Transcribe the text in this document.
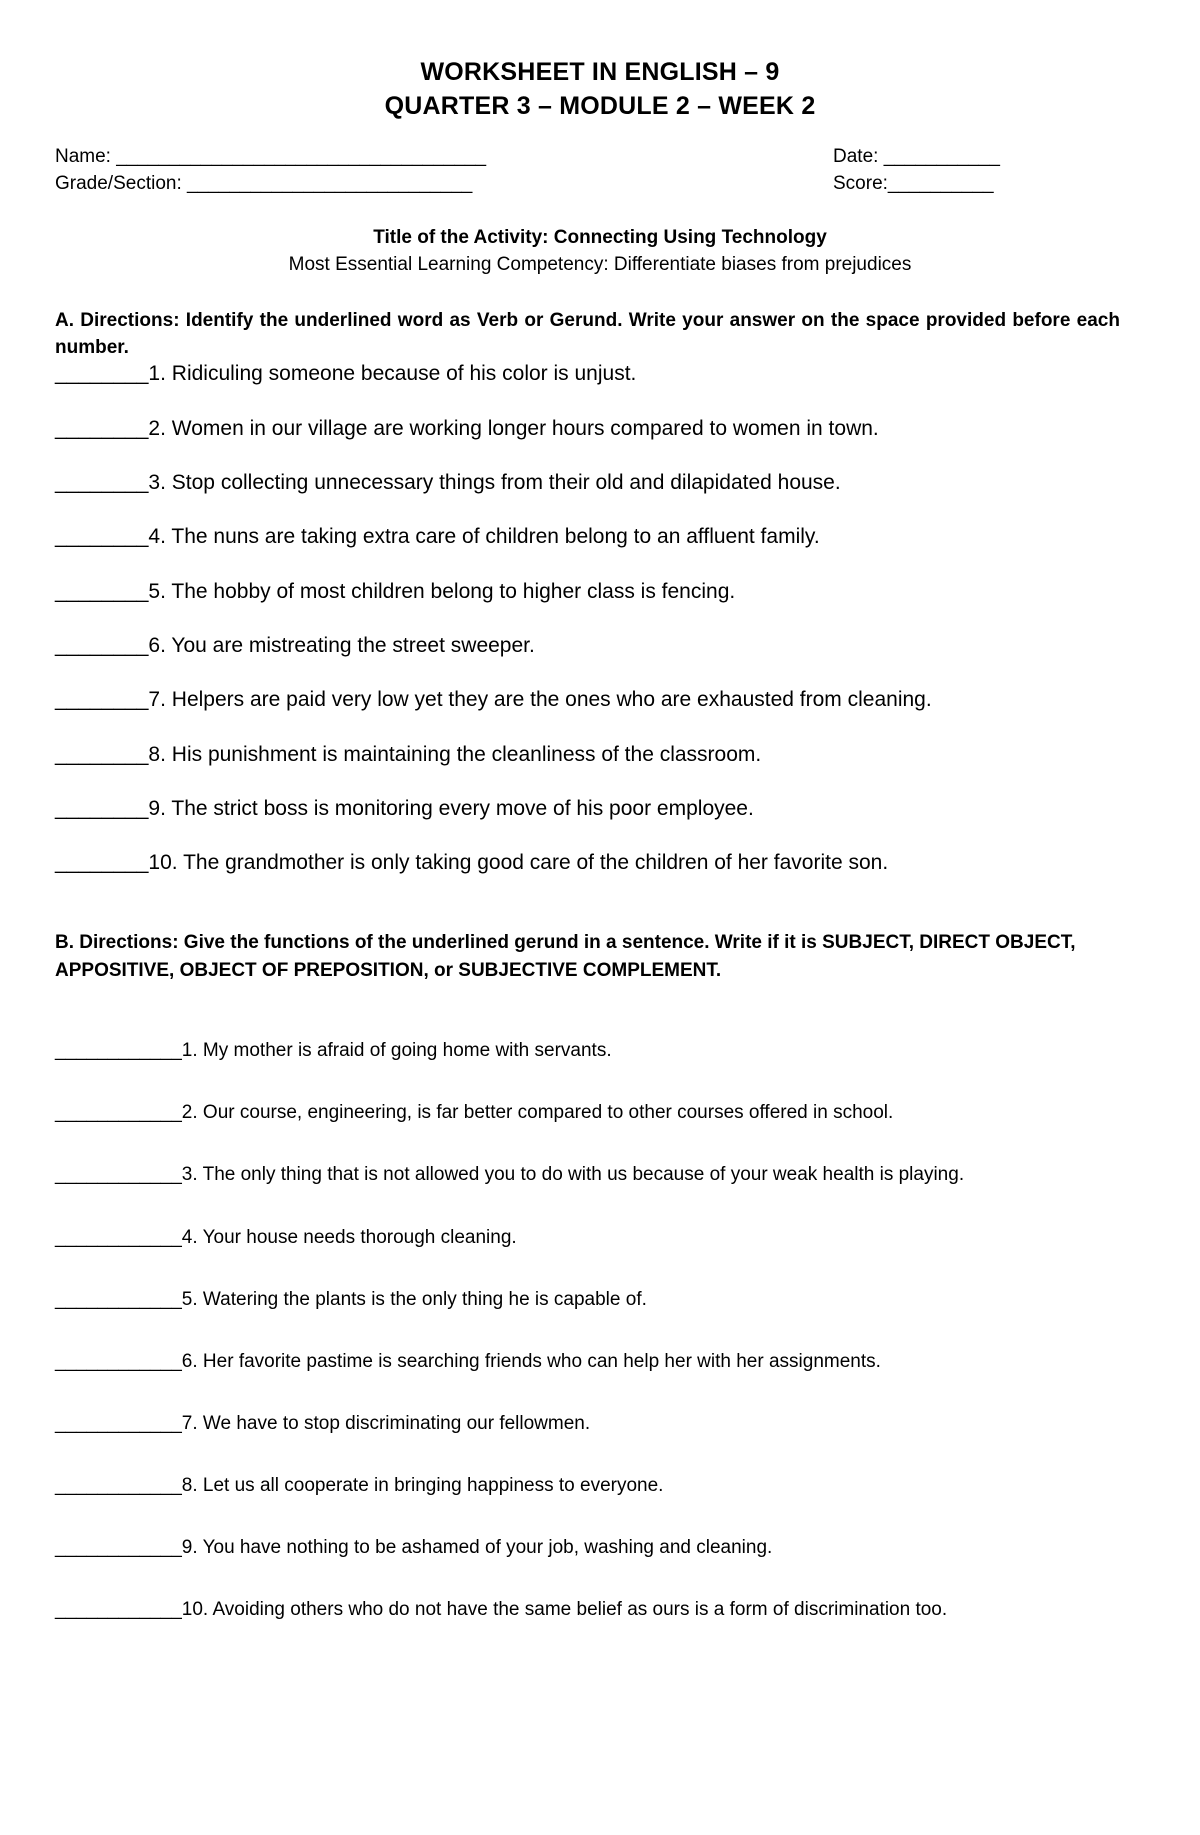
WORKSHEET IN ENGLISH – 9
QUARTER 3 – MODULE 2 – WEEK 2
Name: ___________________________________	Date: ___________
Grade/Section: ___________________________	Score:__________
Title of the Activity: Connecting Using Technology
Most Essential Learning Competency: Differentiate biases from prejudices
A. Directions: Identify the underlined word as Verb or Gerund. Write your answer on the space provided before each number.
________1. Ridiculing someone because of his color is unjust.
________2. Women in our village are working longer hours compared to women in town.
________3. Stop collecting unnecessary things from their old and dilapidated house.
________4. The nuns are taking extra care of children belong to an affluent family.
________5. The hobby of most children belong to higher class is fencing.
________6. You are mistreating the street sweeper.
________7. Helpers are paid very low yet they are the ones who are exhausted from cleaning.
________8. His punishment is maintaining the cleanliness of the classroom.
________9. The strict boss is monitoring every move of his poor employee.
________10. The grandmother is only taking good care of the children of her favorite son.
B. Directions: Give the functions of the underlined gerund in a sentence. Write if it is SUBJECT, DIRECT OBJECT, APPOSITIVE, OBJECT OF PREPOSITION, or SUBJECTIVE COMPLEMENT.
____________1. My mother is afraid of going home with servants.
____________2. Our course, engineering, is far better compared to other courses offered in school.
____________3. The only thing that is not allowed you to do with us because of your weak health is playing.
____________4. Your house needs thorough cleaning.
____________5. Watering the plants is the only thing he is capable of.
____________6. Her favorite pastime is searching friends who can help her with her assignments.
____________7. We have to stop discriminating our fellowmen.
____________8. Let us all cooperate in bringing happiness to everyone.
____________9. You have nothing to be ashamed of your job, washing and cleaning.
____________10. Avoiding others who do not have the same belief as ours is a form of discrimination too.
